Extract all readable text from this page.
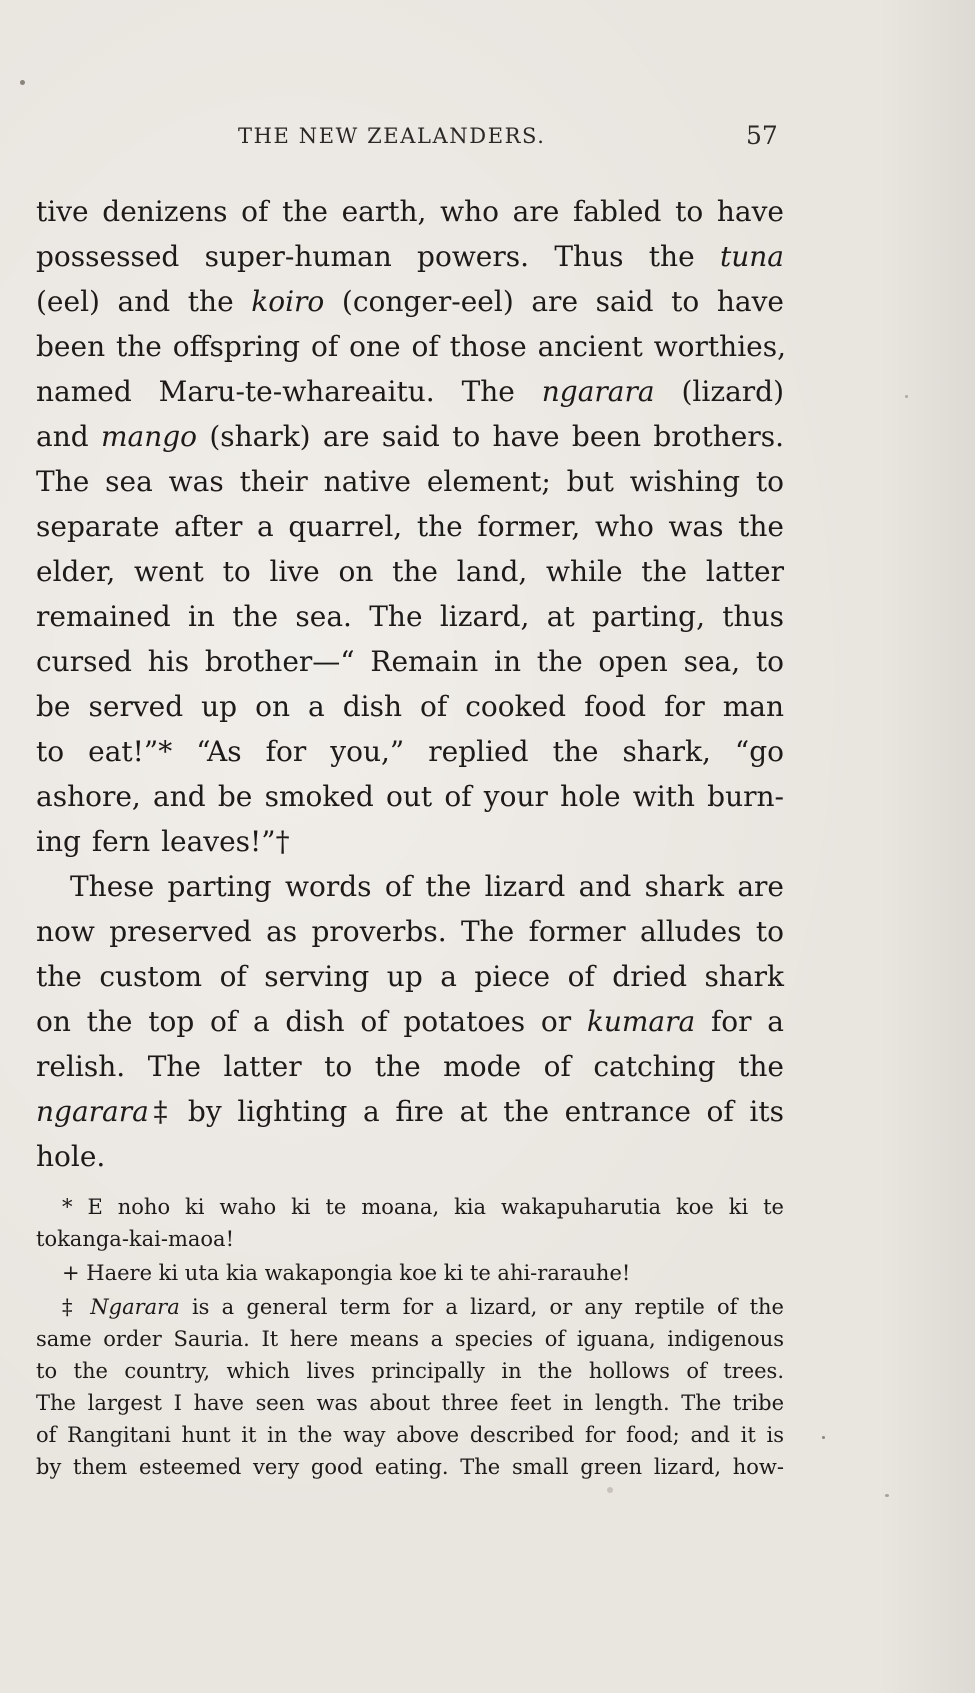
THE NEW ZEALANDERS.	57
tive denizens of the earth, who are fabled to have
possessed super-human powers. Thus the tuna
(eel) and the koiro (conger-eel) are said to have
been the offspring of one of those ancient worthies,
named Maru-te-whareaitu. The ngarara (lizard)
and mango (shark) are said to have been brothers.
The sea was their native element; but wishing to
separate after a quarrel, the former, who was the
elder, went to live on the land, while the latter
remained in the sea. The lizard, at parting, thus
cursed his brother—“ Remain in the open sea, to
be served up on a dish of cooked food for man
to eat!”* “As for you,” replied the shark, “go
ashore, and be smoked out of your hole with burn-
ing fern leaves!”†
These parting words of the lizard and shark are
now preserved as proverbs. The former alludes to
the custom of serving up a piece of dried shark
on the top of a dish of potatoes or kumara for a
relish. The latter to the mode of catching the
ngarara‡ by lighting a fire at the entrance of its
hole.
* E noho ki waho ki te moana, kia wakapuharutia koe ki te
tokanga-kai-maoa!
+ Haere ki uta kia wakapongia koe ki te ahi-rarauhe!
‡ Ngarara is a general term for a lizard, or any reptile of the
same order Sauria. It here means a species of iguana, indigenous
to the country, which lives principally in the hollows of trees.
The largest I have seen was about three feet in length. The tribe
of Rangitani hunt it in the way above described for food; and it is
by them esteemed very good eating. The small green lizard, how-
